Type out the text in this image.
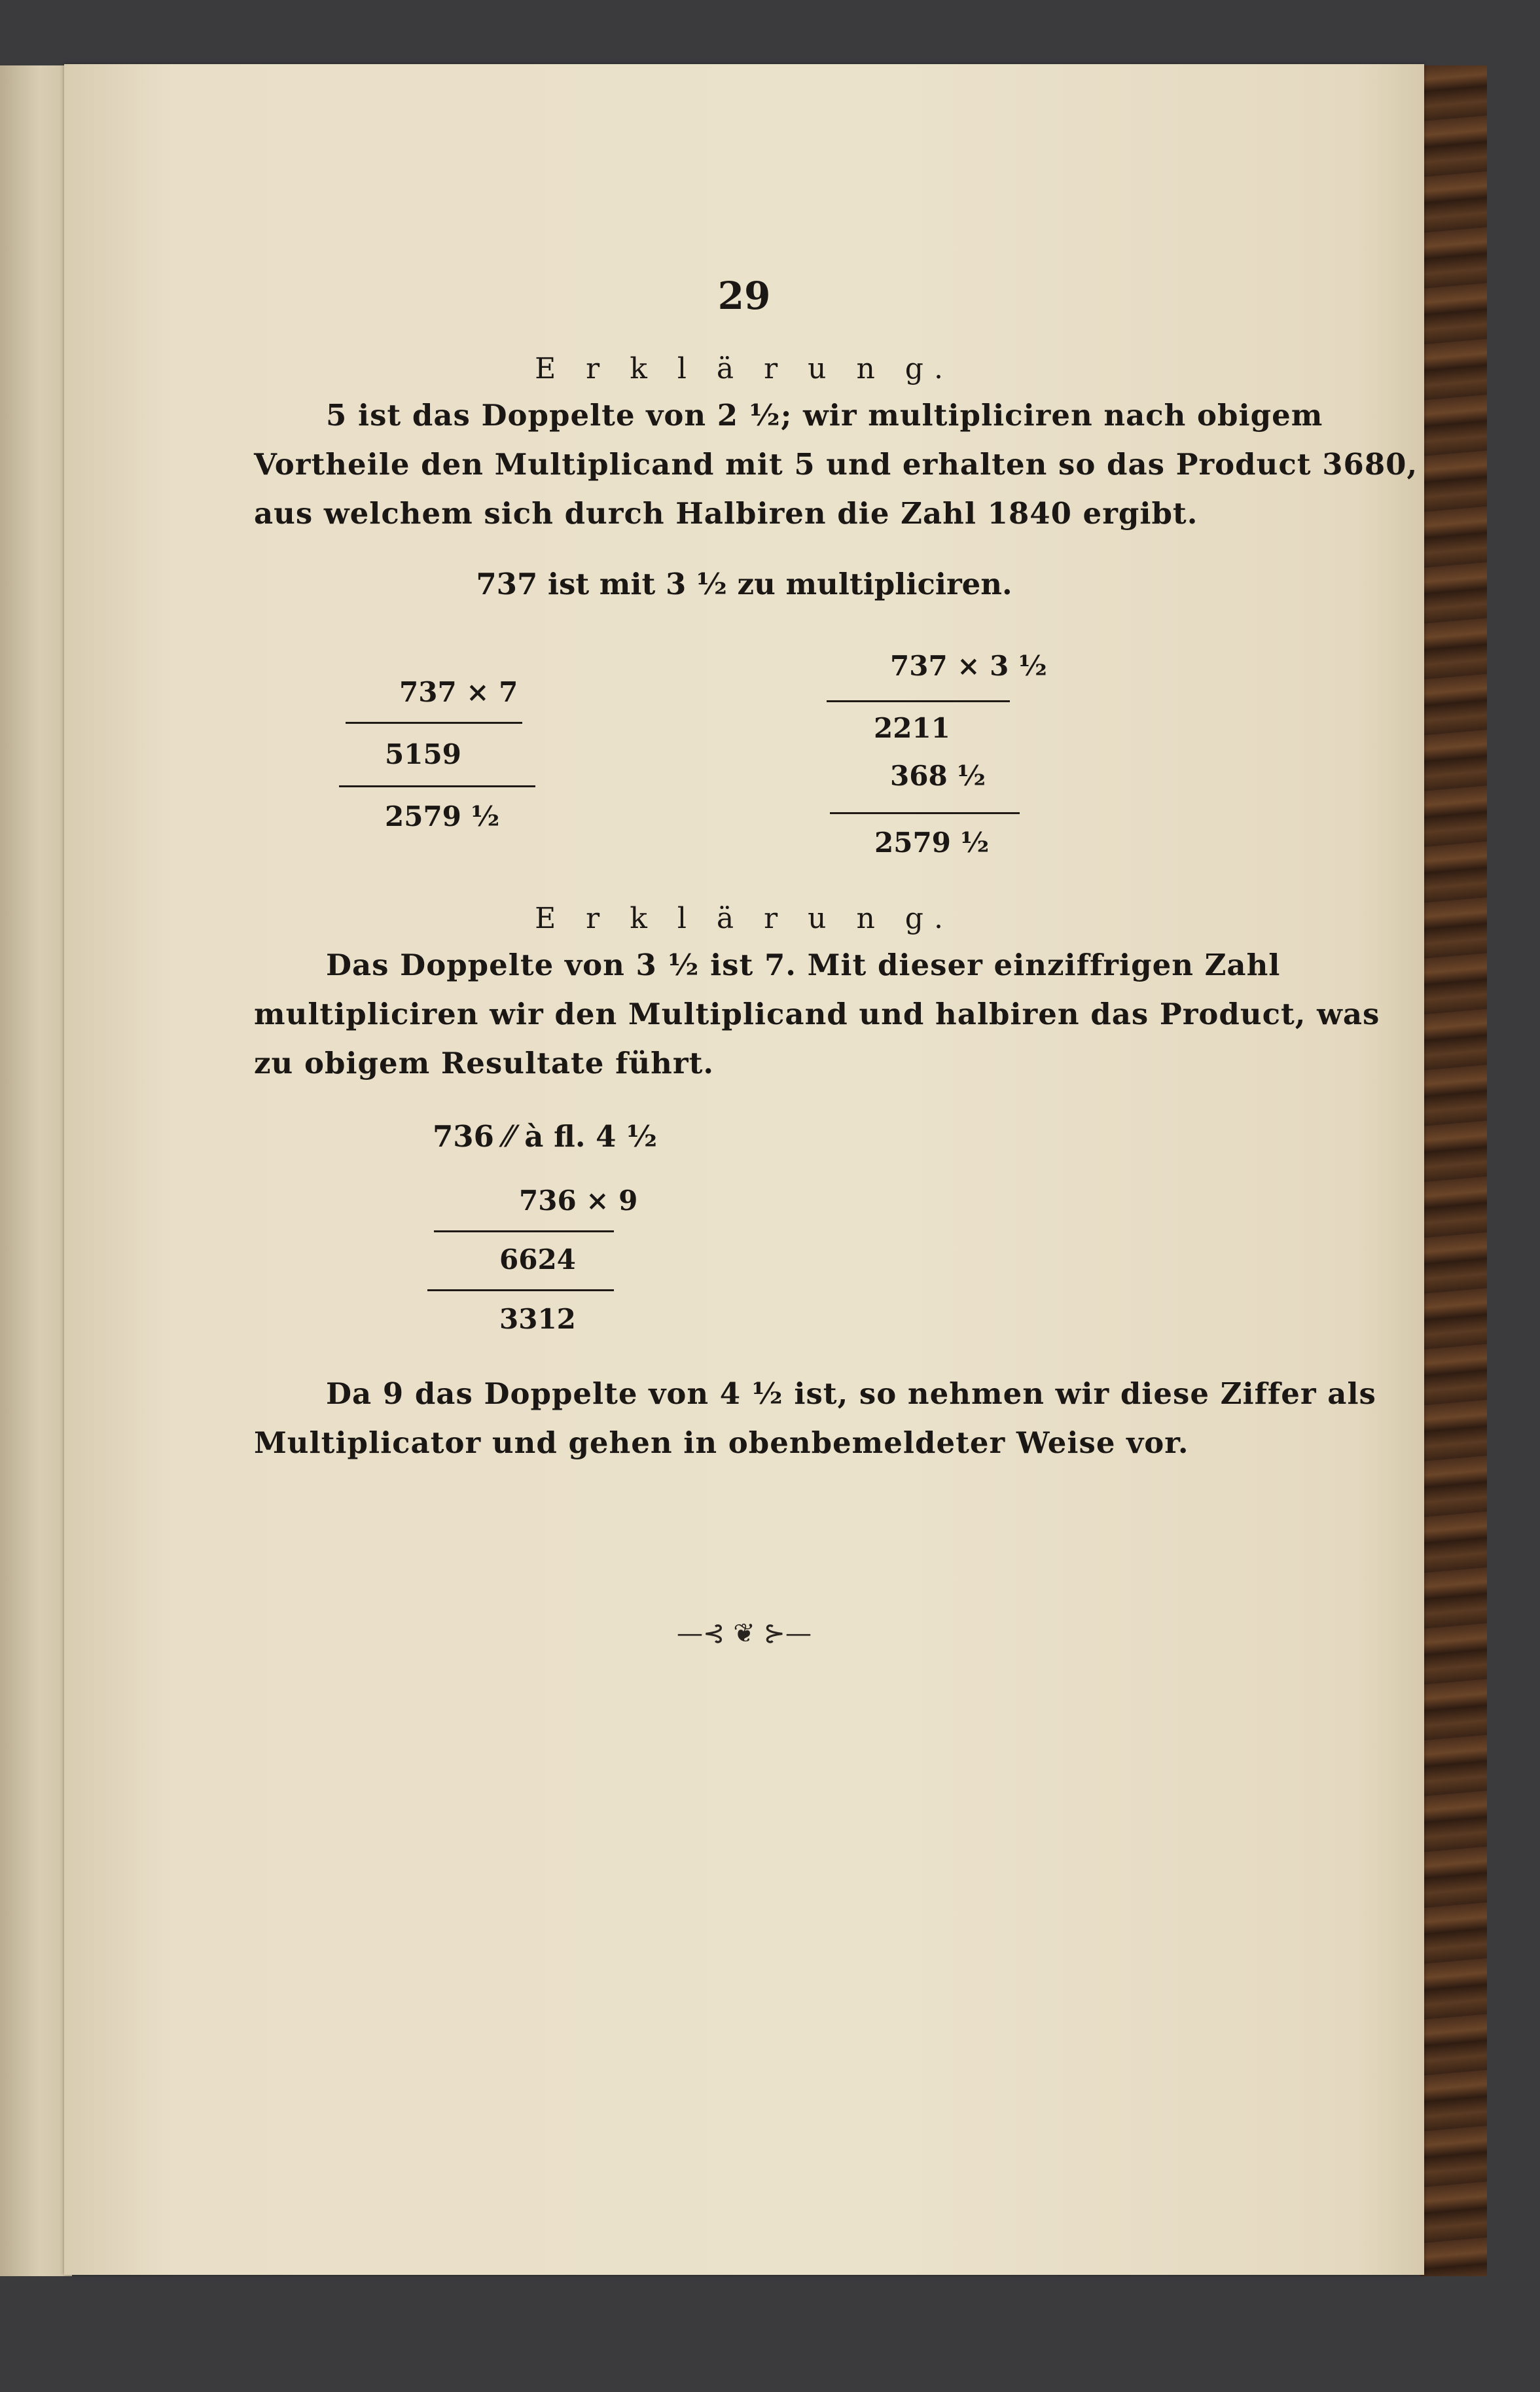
29
E r k l ä r u n g.
5 ist das Doppelte von 2 ½; wir multipliciren nach obigem
Vortheile den Multiplicand mit 5 und erhalten so das Product 3680,
aus welchem sich durch Halbiren die Zahl 1840 ergibt.
737 ist mit 3 ½ zu multipliciren.
737 × 7
5159
2579 ½
737 × 3 ½
2211
368 ½
2579 ½
E r k l ä r u n g.
Das Doppelte von 3 ½ ist 7. Mit dieser einziffrigen Zahl
multipliciren wir den Multiplicand und halbiren das Product, was
zu obigem Resultate führt.
736 ⁄⁄ à fl. 4 ½
736 × 9
6624
3312
Da 9 das Doppelte von 4 ½ ist, so nehmen wir diese Ziffer als
Multiplicator und gehen in obenbemeldeter Weise vor.
—⊰ ❦ ⊱—
